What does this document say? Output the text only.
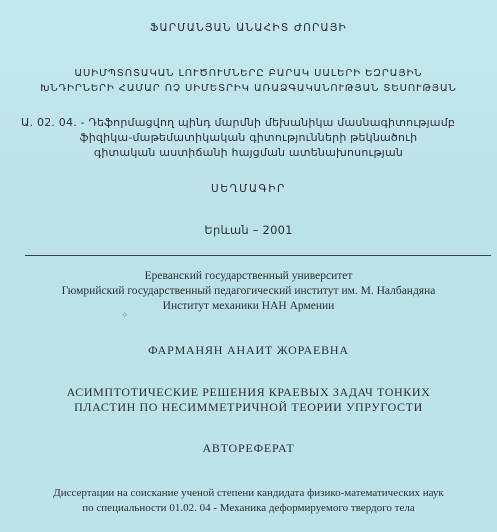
ՖԱՐՄԱՆՅԱՆ ԱՆԱՀԻՏ ԺՈՐԱՅԻ
ԱՍԻՄՊՏՈՏԱԿԱՆ ԼՈՒԾՈՒՄՆԵՐԸ ԲԱՐԱԿ ՍԱԼԵՐԻ ԵԶՐԱՅԻՆ
ԽՆԴԻՐՆԵՐԻ ՀԱՄԱՐ ՈՉ ՍԻՄԵՏՐԻԿ ԱՌԱՁԳԱԿԱՆՈՒԹՅԱՆ ՏԵՍՈՒԹՅԱՆ
Ա. 02. 04. - Դեֆորմացվող պինդ մարմնի մեխանիկա մասնագիտությամբ
ֆիզիկա-մաթեմատիկական գիտությունների թեկնածուի
գիտական աստիճանի հայցման ատենախոսության
ՍԵՂՄԱԳԻՐ
Երևան – 2001
Ереванский государственный университет
Гюмрийский государственный педагогический институт им. М. Налбандяна
Институт механики НАН Армении
✧
ФАРМАНЯН АНАИТ ЖОРАЕВНА
АСИМПТОТИЧЕСКИЕ РЕШЕНИЯ КРАЕВЫХ ЗАДАЧ ТОНКИХ
ПЛАСТИН ПО НЕСИММЕТРИЧНОЙ ТЕОРИИ УПРУГОСТИ
АВТОРЕФЕРАТ
Диссертации на соискание ученой степени кандидата физико-математических наук
по специальности 01.02. 04 - Механика деформируемого твердого тела
